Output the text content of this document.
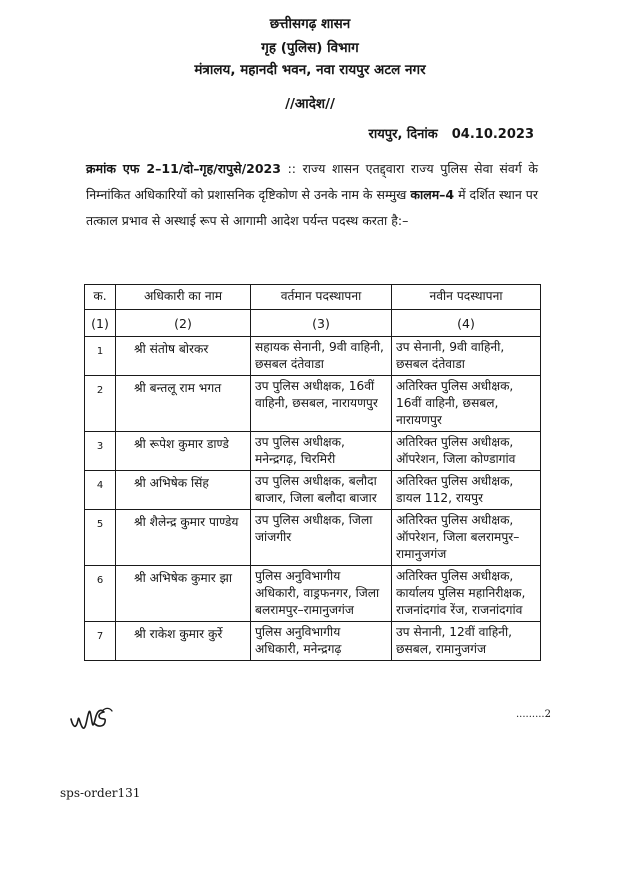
छत्तीसगढ़ शासन
गृह (पुलिस) विभाग
मंत्रालय, महानदी भवन, नवा रायपुर अटल नगर
//आदेश//
रायपुर, दिनांक 04.10.2023

क्रमांक एफ 2–11/दो–गृह/रापुसे/2023 :: राज्य शासन एतद्द्वारा राज्य पुलिस सेवा संवर्ग के निम्नांकित अधिकारियों को प्रशासनिक दृष्टिकोण से उनके नाम के सम्मुख कालम–4 में दर्शित स्थान पर तत्काल प्रभाव से अस्थाई रूप से आगामी आदेश पर्यन्त पदस्थ करता है:–

क.	अधिकारी का नाम	वर्तमान पदस्थापना	नवीन पदस्थापना
(1)	(2)	(3)	(4)
1	श्री संतोष बोरकर	सहायक सेनानी, 9वी वाहिनी, छसबल दंतेवाडा	उप सेनानी, 9वी वाहिनी, छसबल दंतेवाडा
2	श्री बन्तलू राम भगत	उप पुलिस अधीक्षक, 16वीं वाहिनी, छसबल, नारायणपुर	अतिरिक्त पुलिस अधीक्षक, 16वीं वाहिनी, छसबल, नारायणपुर
3	श्री रूपेश कुमार डाण्डे	उप पुलिस अधीक्षक, मनेन्द्रगढ़, चिरमिरी	अतिरिक्त पुलिस अधीक्षक, ऑपरेशन, जिला कोण्डागांव
4	श्री अभिषेक सिंह	उप पुलिस अधीक्षक, बलौदा बाजार, जिला बलौदा बाजार	अतिरिक्त पुलिस अधीक्षक, डायल 112, रायपुर
5	श्री शैलेन्द्र कुमार पाण्डेय	उप पुलिस अधीक्षक, जिला जांजगीर	अतिरिक्त पुलिस अधीक्षक, ऑपरेशन, जिला बलरामपुर– रामानुजगंज
6	श्री अभिषेक कुमार झा	पुलिस अनुविभागीय अधिकारी, वाड्रफनगर, जिला बलरामपुर–रामानुजगंज	अतिरिक्त पुलिस अधीक्षक, कार्यालय पुलिस महानिरीक्षक, राजनांदगांव रेंज, राजनांदगांव
7	श्री राकेश कुमार कुर्रे	पुलिस अनुविभागीय अधिकारी, मनेन्द्रगढ़	उप सेनानी, 12वीं वाहिनी, छसबल, रामानुजगंज
.........2
sps-order131
